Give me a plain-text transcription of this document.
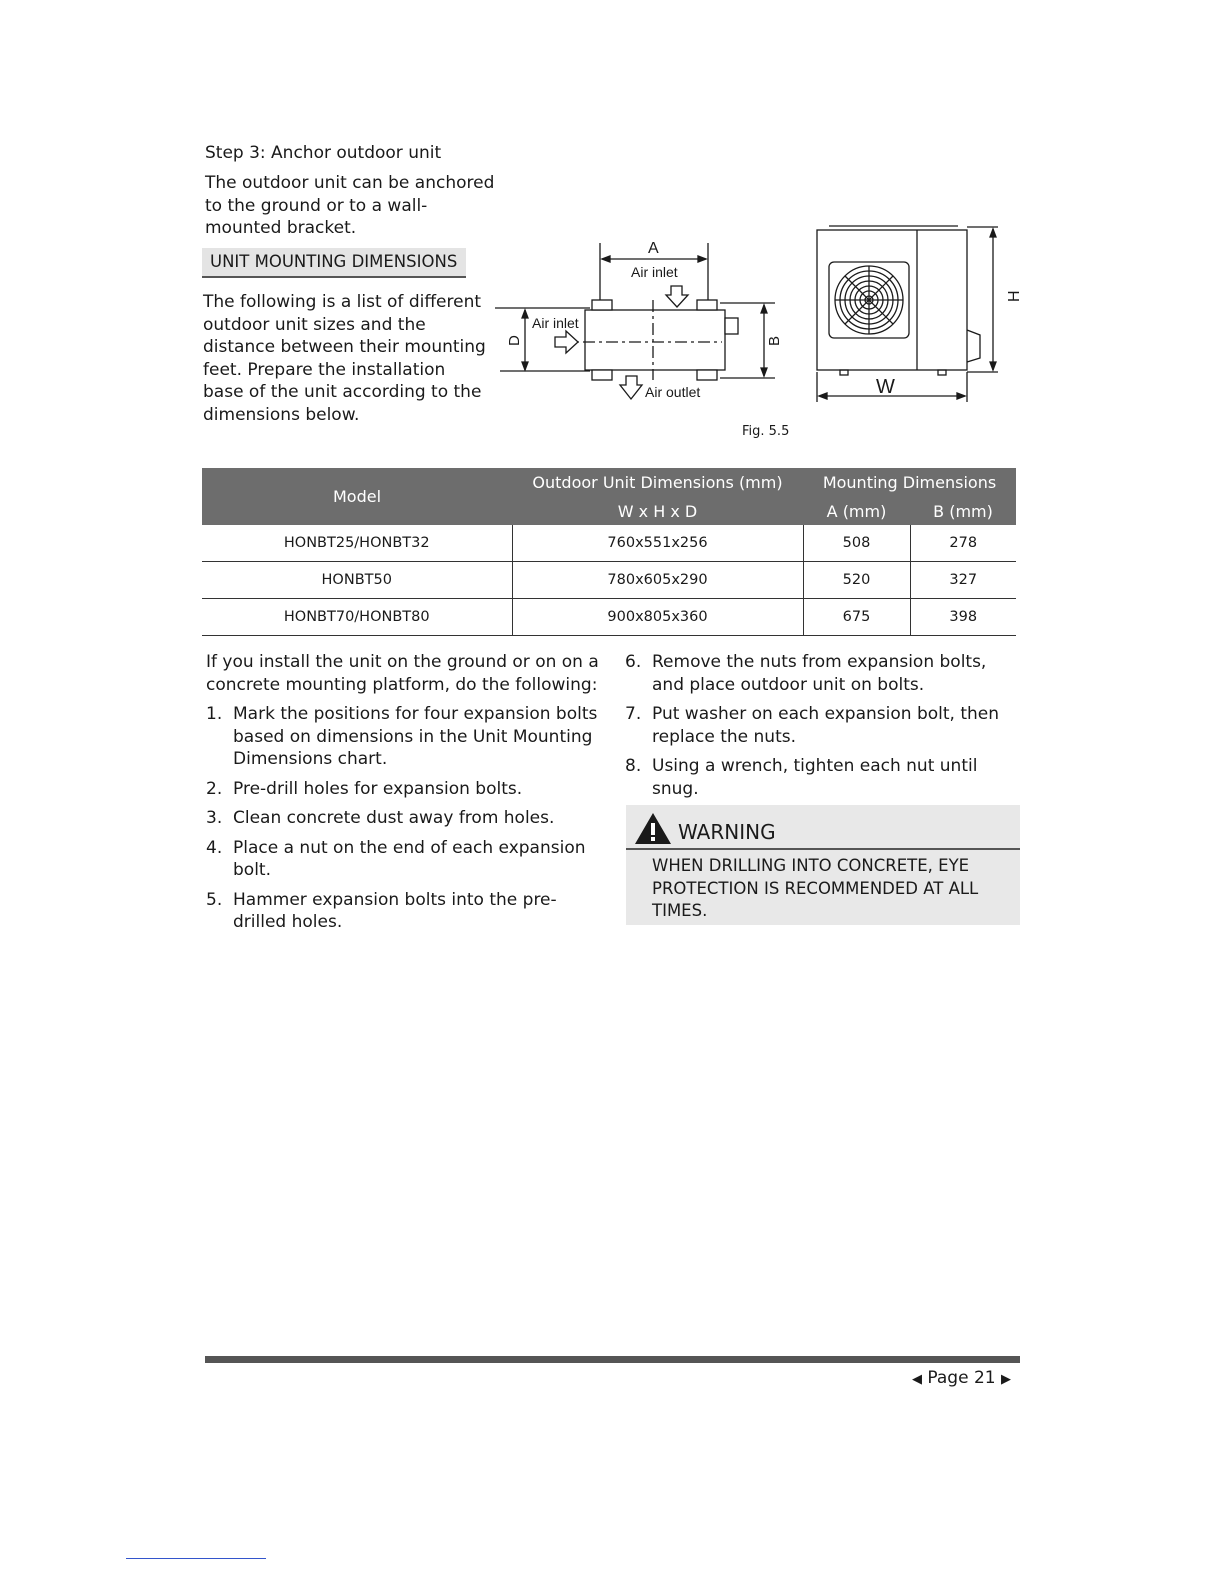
Step 3: Anchor outdoor unit
The outdoor unit can be anchored to the ground or to a wall-mounted bracket.
UNIT MOUNTING DIMENSIONS
The following is a list of different outdoor unit sizes and the distance between their mounting feet. Prepare the installation base of the unit according to the dimensions below.
A
Air inlet
Air inlet
Air outlet
D	B
W
H
Fig. 5.5
Model	Outdoor Unit Dimensions (mm)	Mounting Dimensions	
	W x H x D	A (mm)	B (mm)
HONBT25/HONBT32	760x551x256	508	278
HONBT50	780x605x290	520	327
HONBT70/HONBT80	900x805x360	675	398

If you install the unit on the ground or on on a concrete mounting platform, do the following:

1. Mark the positions for four expansion bolts based on dimensions in the Unit Mounting Dimensions chart.
2. Pre-drill holes for expansion bolts.
3. Clean concrete dust away from holes.
4. Place a nut on the end of each expansion bolt.
5. Hammer expansion bolts into the pre-drilled holes.
6. Remove the nuts from expansion bolts, and place outdoor unit on bolts.
7. Put washer on each expansion bolt, then replace the nuts.
8. Using a wrench, tighten each nut until snug.
WARNING
WHEN DRILLING INTO CONCRETE, EYE PROTECTION IS RECOMMENDED AT ALL TIMES.
◀ Page 21 ▶
